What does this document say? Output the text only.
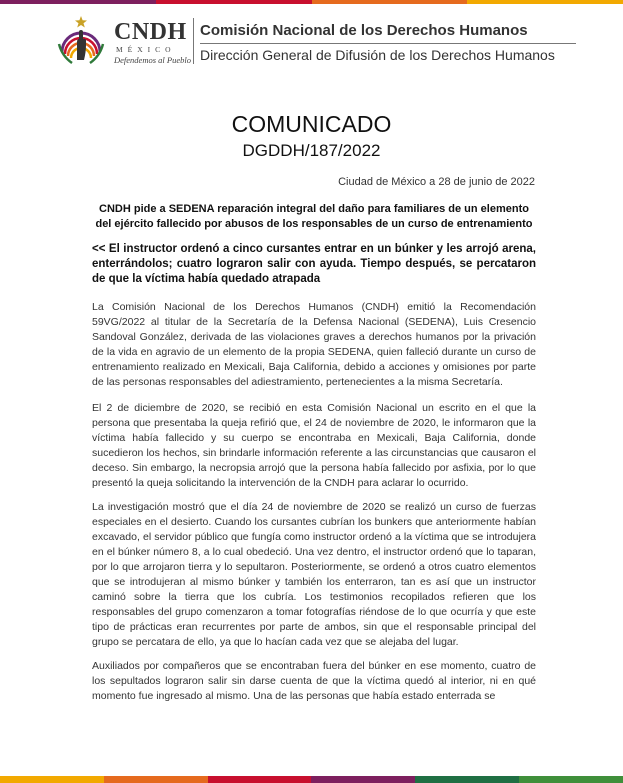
CNDH
MÉXICO
Defendemos al Pueblo
Comisión Nacional de los Derechos Humanos
Dirección General de Difusión de los Derechos Humanos
COMUNICADO
DGDDH/187/2022
Ciudad de México a 28 de junio de 2022
CNDH pide a SEDENA reparación integral del daño para familiares de un elemento del ejército fallecido por abusos de los responsables de un curso de entrenamiento
<< El instructor ordenó a cinco cursantes entrar en un búnker y les arrojó arena, enterrándolos; cuatro lograron salir con ayuda. Tiempo después, se percataron de que la víctima había quedado atrapada

La Comisión Nacional de los Derechos Humanos (CNDH) emitió la Recomendación 59VG/2022 al titular de la Secretaría de la Defensa Nacional (SEDENA), Luis Cresencio Sandoval González, derivada de las violaciones graves a derechos humanos por la privación de la vida en agravio de un elemento de la propia SEDENA, quien falleció durante un curso de entrenamiento realizado en Mexicali, Baja California, debido a acciones y omisiones por parte de las personas responsables del adiestramiento, pertenecientes a la misma Secretaría.

El 2 de diciembre de 2020, se recibió en esta Comisión Nacional un escrito en el que la persona que presentaba la queja refirió que, el 24 de noviembre de 2020, le informaron que la víctima había fallecido y su cuerpo se encontraba en Mexicali, Baja California, donde sucedieron los hechos, sin brindarle información referente a las circunstancias que causaron el deceso. Sin embargo, la necropsia arrojó que la persona había fallecido por asfixia, por lo que presentó la queja solicitando la intervención de la CNDH para aclarar lo ocurrido.

La investigación mostró que el día 24 de noviembre de 2020 se realizó un curso de fuerzas especiales en el desierto. Cuando los cursantes cubrían los bunkers que anteriormente habían excavado, el servidor público que fungía como instructor ordenó a la víctima que se introdujera en el búnker número 8, a lo cual obedeció. Una vez dentro, el instructor ordenó que lo taparan, por lo que arrojaron tierra y lo sepultaron. Posteriormente, se ordenó a otros cuatro elementos que se introdujeran al mismo búnker y también los enterraron, tan es así que un instructor caminó sobre la tierra que los cubría. Los testimonios recopilados refieren que los responsables del grupo comenzaron a tomar fotografías riéndose de lo que ocurría y que este tipo de prácticas eran recurrentes por parte de ambos, sin que el responsable principal del grupo se percatara de ello, ya que lo hacían cada vez que se alejaba del lugar.

Auxiliados por compañeros que se encontraban fuera del búnker en ese momento, cuatro de los sepultados lograron salir sin darse cuenta de que la víctima quedó al interior, ni en qué momento fue ingresado al mismo. Una de las personas que había estado enterrada se
